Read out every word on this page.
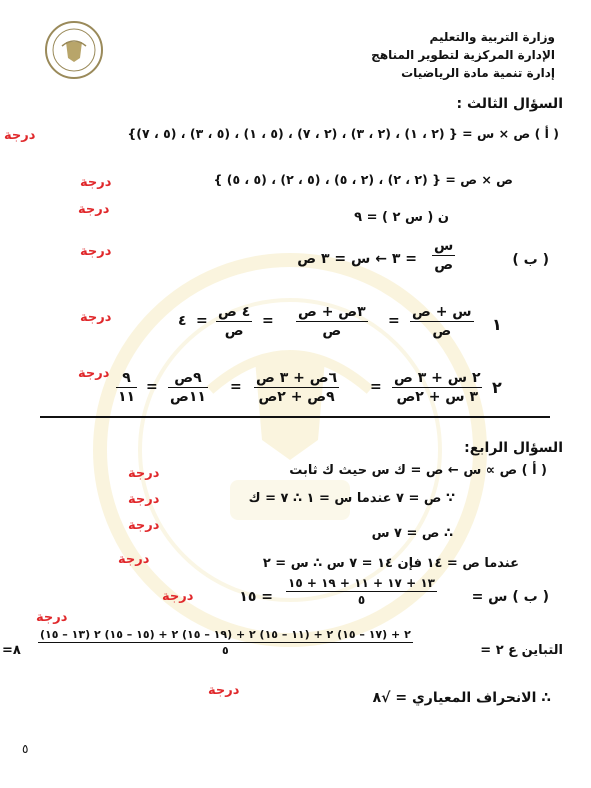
وزارة التربية والتعليم
الإدارة المركزية لتطوير المناهج
إدارة تنمية مادة الرياضيات
السؤال الثالث :
( أ ) ص × س = { (٢ ، ١) ، (٢ ، ٣) ، (٢ ، ٧) ، (٥ ، ١) ، (٥ ، ٣) ، (٥ ، ٧)}
درجة
ص × ص = { (٢ ، ٢) ، (٢ ، ٥) ، (٥ ، ٢) ، (٥ ، ٥) }
درجة
درجة
ن ( س ٢ ) = ٩
درجة
( ب )
س
ص
= ٣ ← س = ٣ ص
١
درجة	س + ص
ص
=
٣ص + ص
ص
=
٤ ص
ص
=
٤
٢
درجة	٢ س + ٣ ص
٣ س + ٢ص
=
٦ص + ٣ ص
٩ص + ٢ص
=
٩ص
١١ص
=
٩
١١
السؤال الرابع:
( أ ) ص ∝ س ← ص = ك س حيث ك ثابت
درجة
∵ ص = ٧ عندما س = ١ ∴ ٧ = ك
درجة
∴ ص = ٧ س
درجة
عندما ص = ١٤ فإن ١٤ = ٧ س ∴ س = ٢
درجة
( ب ) س =
١٣ + ١٧ + ١١ + ١٩ + ١٥
٥
= ١٥
درجة
درجة
التباين ع ٢ =
(١٣ – ١٥) ٢ + (١٧ – ١٥) ٢ + (١١ – ١٥) ٢ + (١٩ – ١٥) ٢ + (١٥ – ١٥) ٢
٥
=٨
درجة	∴ الانحراف المعياري = √٨
٥
